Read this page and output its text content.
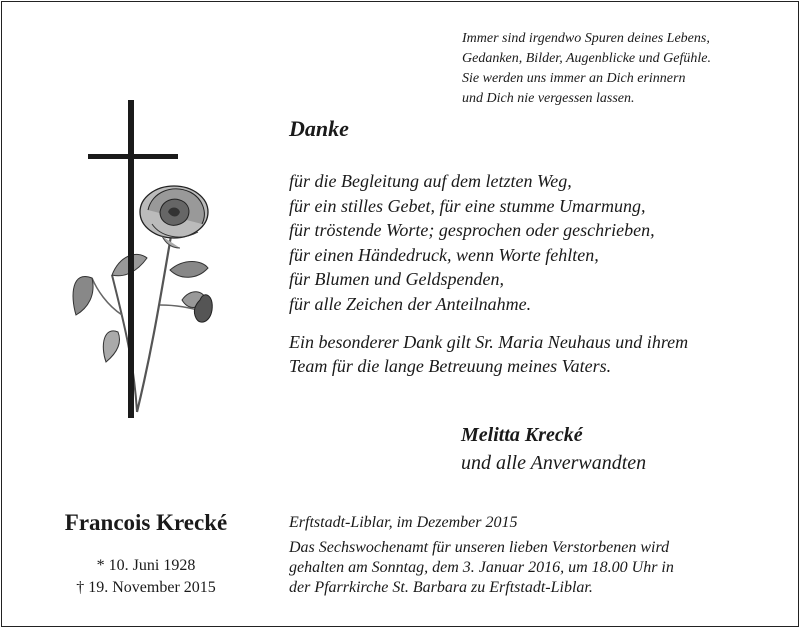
Immer sind irgendwo Spuren deines Lebens,
Gedanken, Bilder, Augenblicke und Gefühle.
Sie werden uns immer an Dich erinnern
und Dich nie vergessen lassen.
Danke
für die Begleitung auf dem letzten Weg,
für ein stilles Gebet, für eine stumme Umarmung,
für tröstende Worte; gesprochen oder geschrieben,
für einen Händedruck, wenn Worte fehlten,
für Blumen und Geldspenden,
für alle Zeichen der Anteilnahme.
Ein besonderer Dank gilt Sr. Maria Neuhaus und ihrem
Team für die lange Betreuung meines Vaters.
Melitta Krecké
und alle Anverwandten
Francois Krecké
* 10. Juni 1928
† 19. November 2015
Erftstadt-Liblar, im Dezember 2015
Das Sechswochenamt für unseren lieben Verstorbenen wird
gehalten am Sonntag, dem 3. Januar 2016, um 18.00 Uhr in
der Pfarrkirche St. Barbara zu Erftstadt-Liblar.
